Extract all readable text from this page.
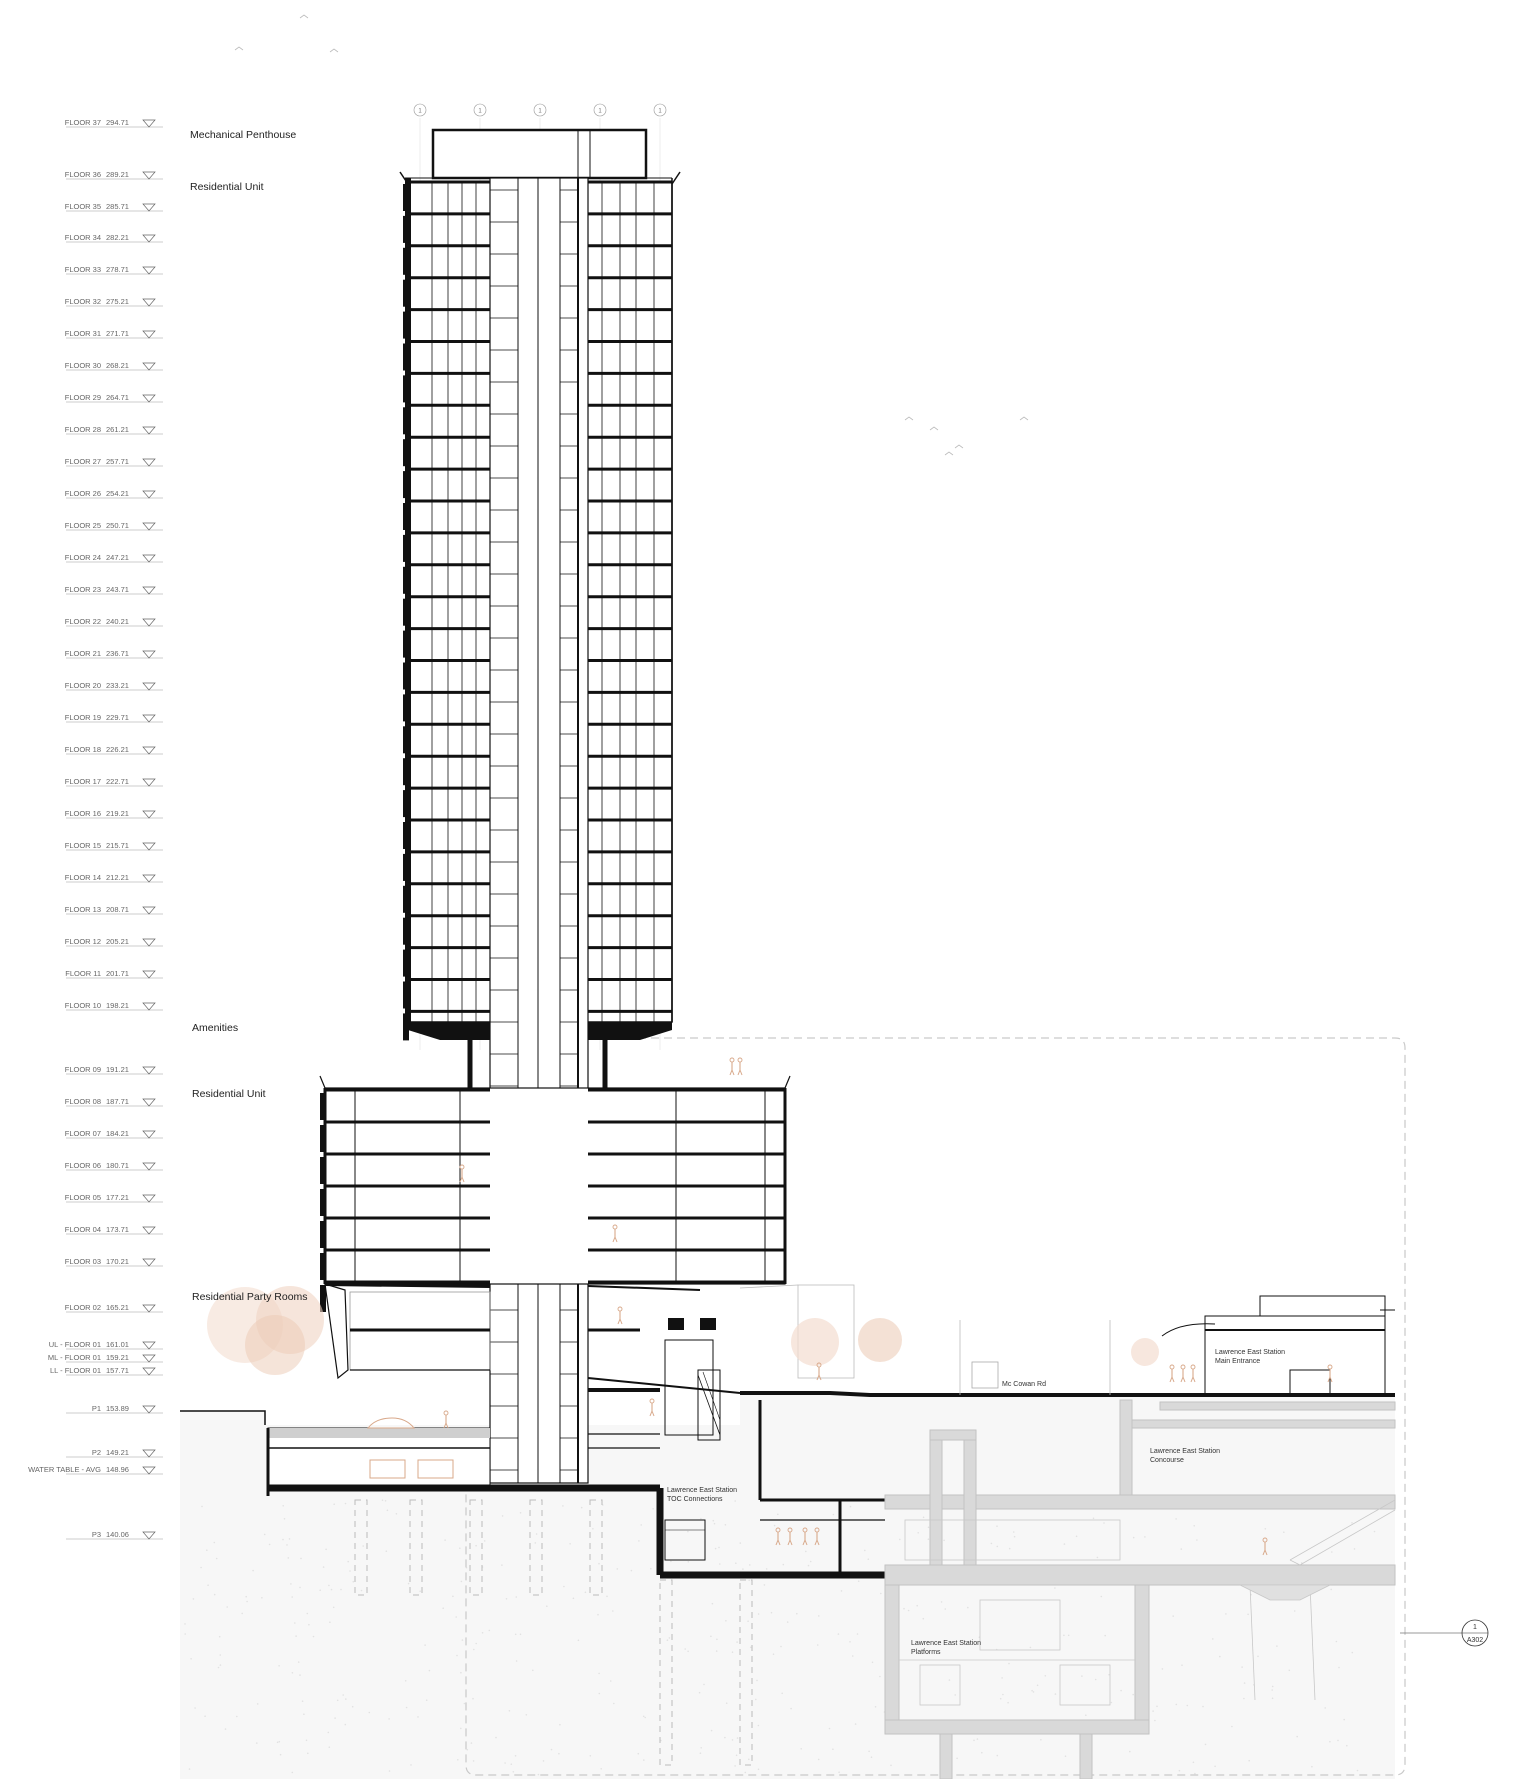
1	1	1	1	1
1
A302
FLOOR 37 294.71
FLOOR 36 289.21
FLOOR 35 285.71
FLOOR 34 282.21
FLOOR 33 278.71
FLOOR 32 275.21
FLOOR 31 271.71
FLOOR 30 268.21
FLOOR 29 264.71
FLOOR 28 261.21
FLOOR 27 257.71
FLOOR 26 254.21
FLOOR 25 250.71
FLOOR 24 247.21
FLOOR 23 243.71
FLOOR 22 240.21
FLOOR 21 236.71
FLOOR 20 233.21
FLOOR 19 229.71
FLOOR 18 226.21
FLOOR 17 222.71
FLOOR 16 219.21
FLOOR 15 215.71
FLOOR 14 212.21
FLOOR 13 208.71
FLOOR 12 205.21
FLOOR 11 201.71
FLOOR 10 198.21
FLOOR 09 191.21
FLOOR 08 187.71
FLOOR 07 184.21
FLOOR 06 180.71
FLOOR 05 177.21
FLOOR 04 173.71
FLOOR 03 170.21
FLOOR 02 165.21
UL - FLOOR 01 161.01
ML - FLOOR 01 159.21
LL - FLOOR 01 157.71
P1 153.89
P2 149.21
WATER TABLE - AVG 148.96
P3 140.06
Mechanical Penthouse
Residential Unit
Amenities
Residential Unit
Residential Party Rooms
Mc Cowan Rd
Lawrence East Station
Main Entrance
Lawrence East Station
Concourse
Lawrence East Station
TOC Connections
Lawrence East Station
Platforms
